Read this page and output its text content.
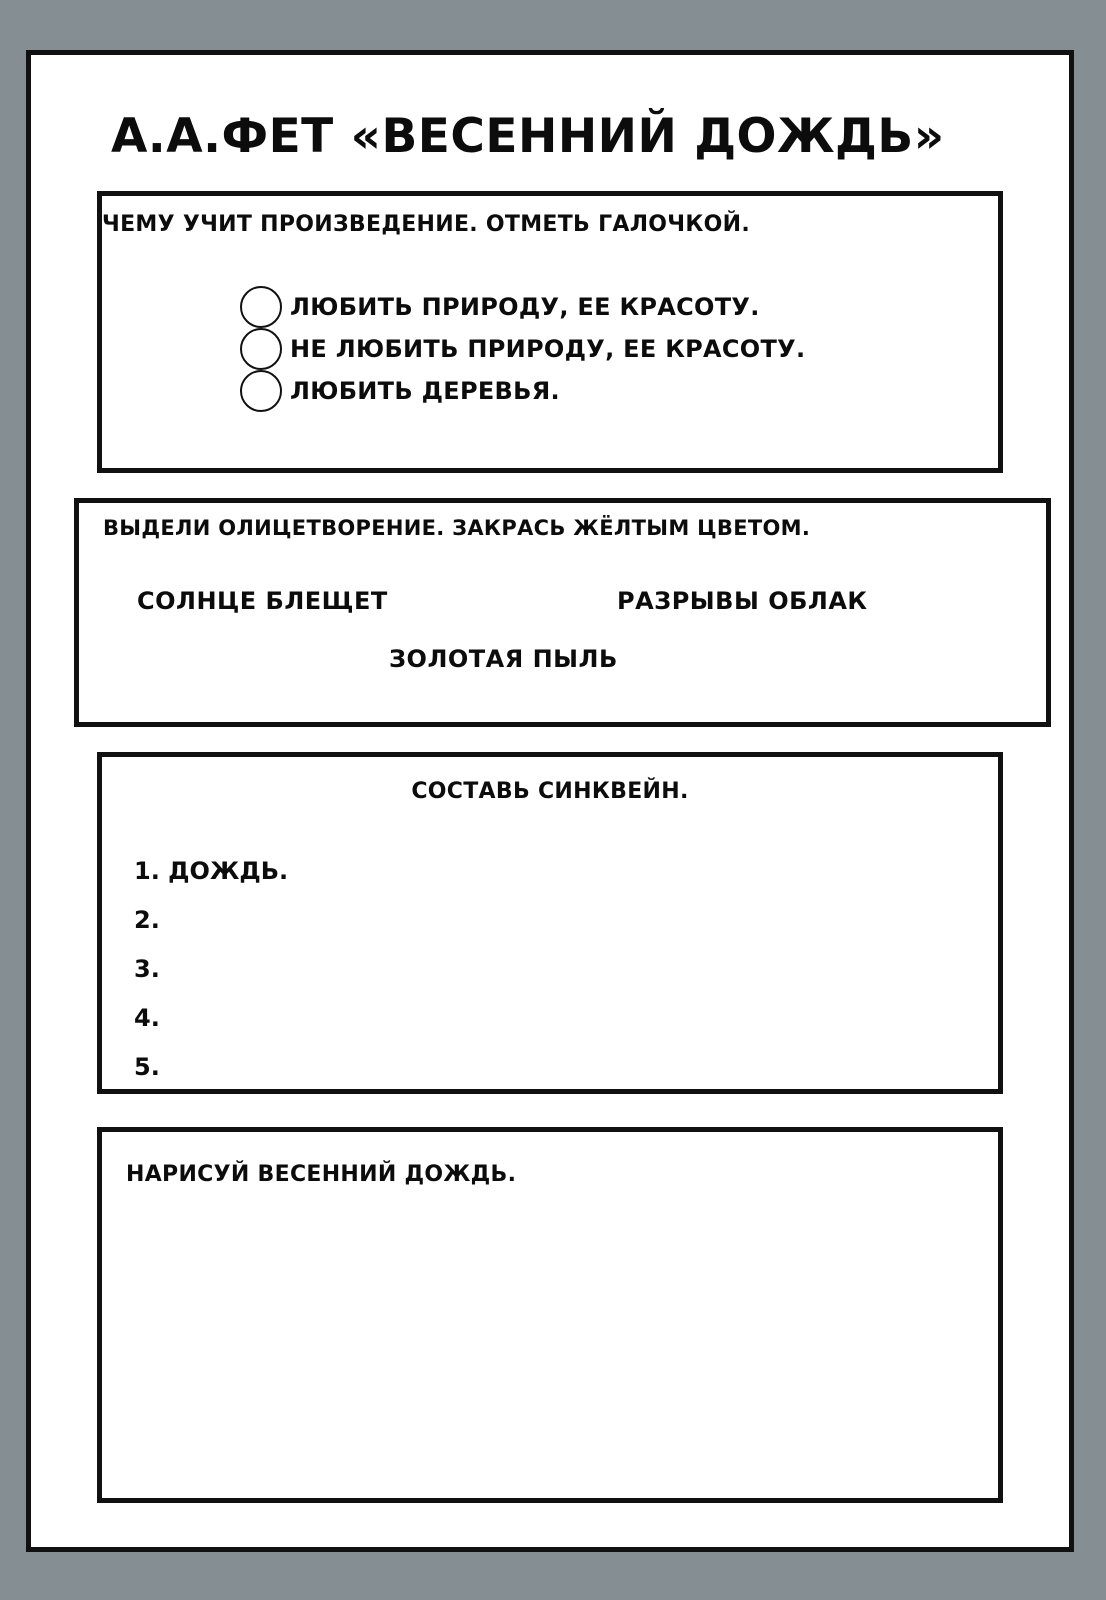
А.А.ФЕТ «ВЕСЕННИЙ ДОЖДЬ»
ЧЕМУ УЧИТ ПРОИЗВЕДЕНИЕ. ОТМЕТЬ ГАЛОЧКОЙ.
ЛЮБИТЬ ПРИРОДУ, ЕЕ КРАСОТУ.
НЕ ЛЮБИТЬ ПРИРОДУ, ЕЕ КРАСОТУ.
ЛЮБИТЬ ДЕРЕВЬЯ.
ВЫДЕЛИ ОЛИЦЕТВОРЕНИЕ. ЗАКРАСЬ ЖЁЛТЫМ ЦВЕТОМ.
СОЛНЦЕ БЛЕЩЕТ	РАЗРЫВЫ ОБЛАК
ЗОЛОТАЯ ПЫЛЬ
СОСТАВЬ СИНКВЕЙН.
1. ДОЖДЬ.
2.
3.
4.
5.
НАРИСУЙ ВЕСЕННИЙ ДОЖДЬ.
